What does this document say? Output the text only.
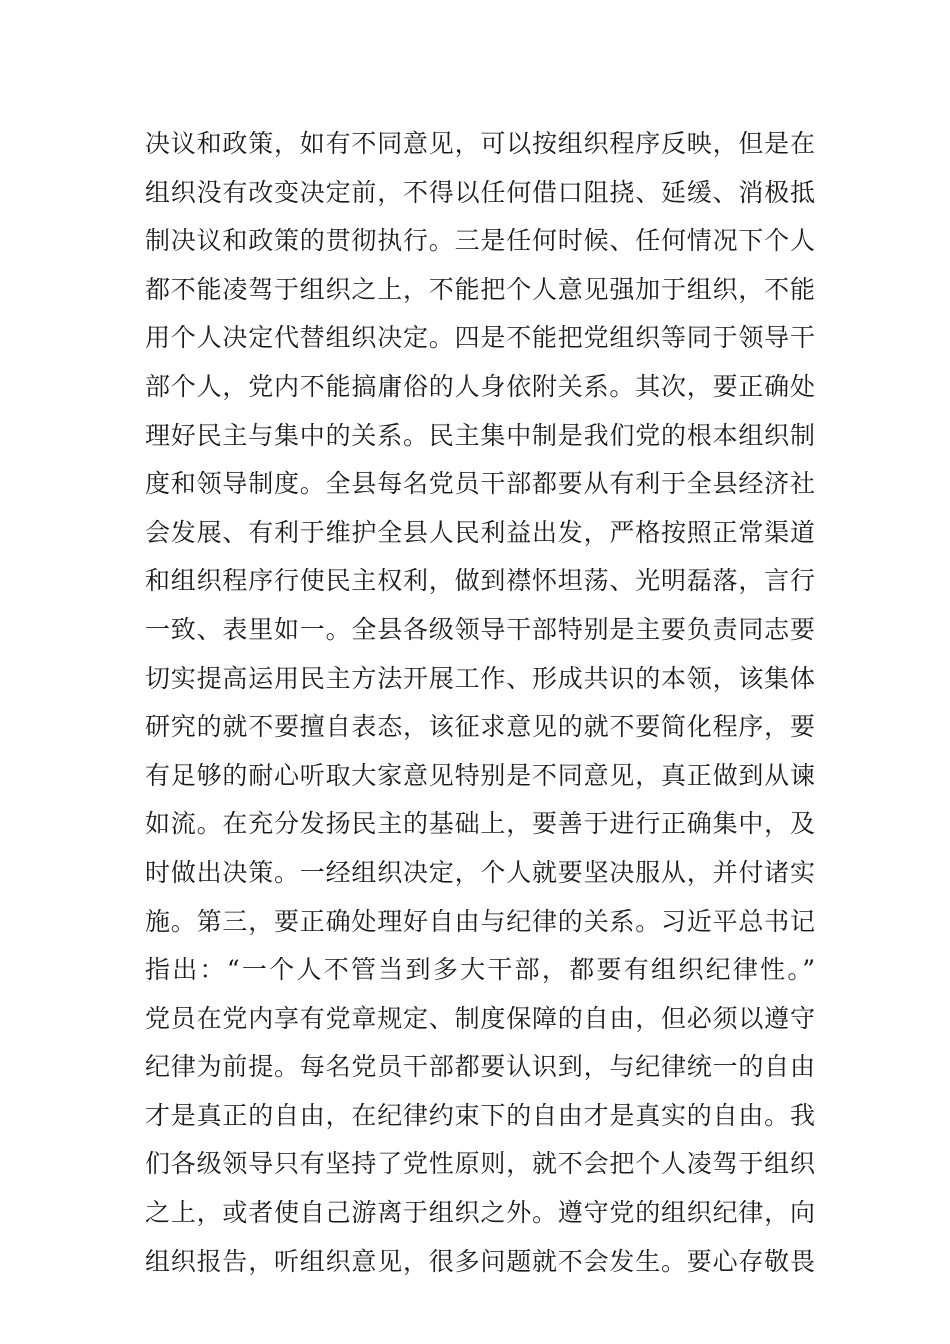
决议和政策，如有不同意见，可以按组织程序反映，但是在
组织没有改变决定前，不得以任何借口阻挠、延缓、消极抵
制决议和政策的贯彻执行。三是任何时候、任何情况下个人
都不能凌驾于组织之上，不能把个人意见强加于组织，不能
用个人决定代替组织决定。四是不能把党组织等同于领导干
部个人，党内不能搞庸俗的人身依附关系。其次，要正确处
理好民主与集中的关系。民主集中制是我们党的根本组织制
度和领导制度。全县每名党员干部都要从有利于全县经济社
会发展、有利于维护全县人民利益出发，严格按照正常渠道
和组织程序行使民主权利，做到襟怀坦荡、光明磊落，言行
一致、表里如一。全县各级领导干部特别是主要负责同志要
切实提高运用民主方法开展工作、形成共识的本领，该集体
研究的就不要擅自表态，该征求意见的就不要简化程序，要
有足够的耐心听取大家意见特别是不同意见，真正做到从谏
如流。在充分发扬民主的基础上，要善于进行正确集中，及
时做出决策。一经组织决定，个人就要坚决服从，并付诸实
施。第三，要正确处理好自由与纪律的关系。习近平总书记
指出：“一个人不管当到多大干部，都要有组织纪律性。”
党员在党内享有党章规定、制度保障的自由，但必须以遵守
纪律为前提。每名党员干部都要认识到，与纪律统一的自由
才是真正的自由，在纪律约束下的自由才是真实的自由。我
们各级领导只有坚持了党性原则，就不会把个人凌驾于组织
之上，或者使自己游离于组织之外。遵守党的组织纪律，向
组织报告，听组织意见，很多问题就不会发生。要心存敬畏
